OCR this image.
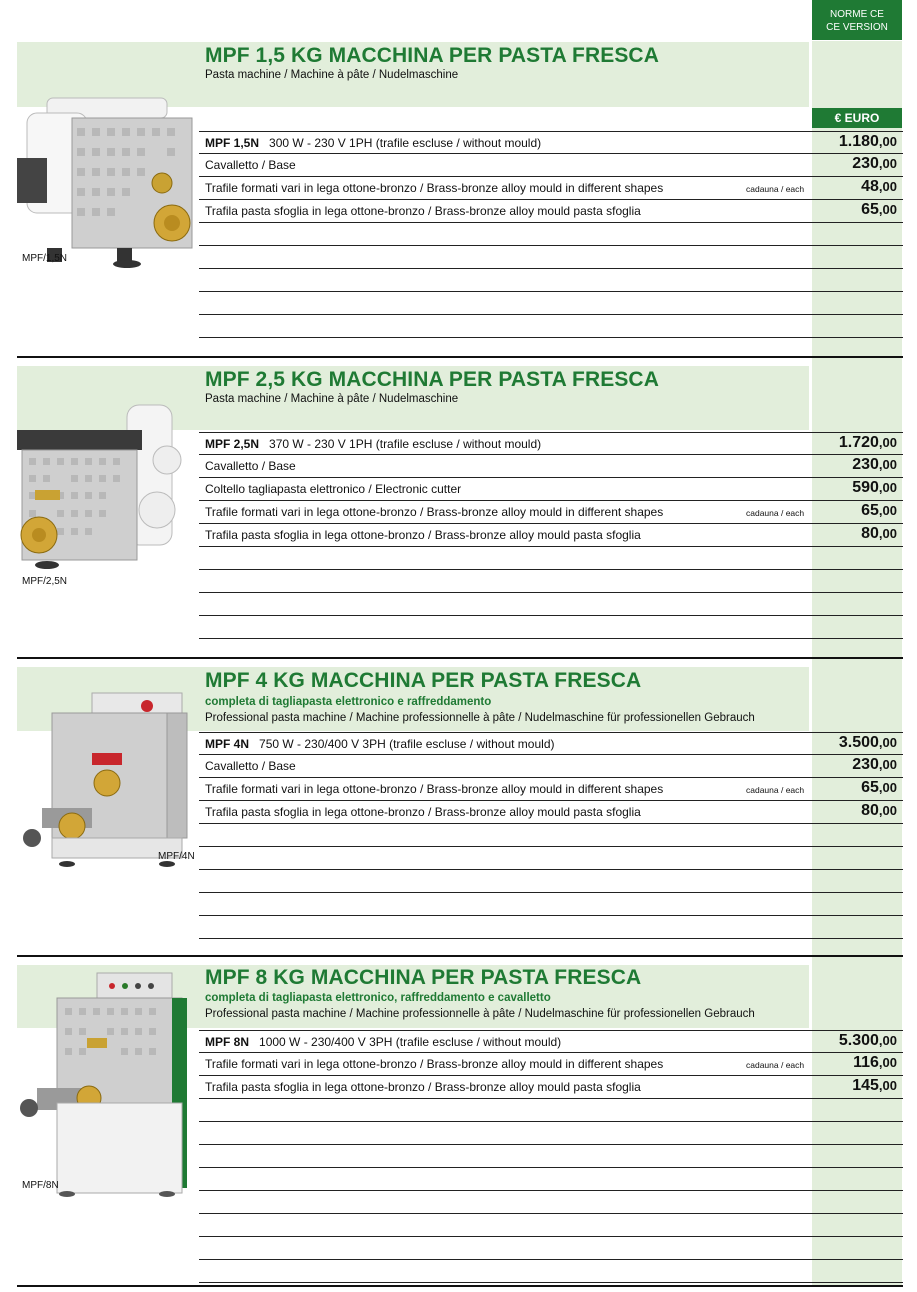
NORME CE
CE VERSION
MPF 1,5 KG MACCHINA PER PASTA FRESCA
Pasta machine / Machine à pâte / Nudelmaschine
€ EURO
MPF/1,5N
MPF 1,5N 300 W - 230 V 1PH (trafile escluse / without mould)	1.180,00
Cavalletto / Base	230,00
Trafile formati vari in lega ottone-bronzo / Brass-bronze alloy mould in different shapes	cadauna / each	48,00
Trafila pasta sfoglia in lega ottone-bronzo / Brass-bronze alloy mould pasta sfoglia	65,00
MPF 2,5 KG MACCHINA PER PASTA FRESCA
Pasta machine / Machine à pâte / Nudelmaschine
MPF/2,5N
MPF 2,5N 370 W - 230 V 1PH (trafile escluse / without mould)	1.720,00
Cavalletto / Base	230,00
Coltello tagliapasta elettronico / Electronic cutter	590,00
Trafile formati vari in lega ottone-bronzo / Brass-bronze alloy mould in different shapes	cadauna / each	65,00
Trafila pasta sfoglia in lega ottone-bronzo / Brass-bronze alloy mould pasta sfoglia	80,00
MPF 4 KG MACCHINA PER PASTA FRESCA
completa di tagliapasta elettronico e raffreddamento
Professional pasta machine / Machine professionnelle à pâte / Nudelmaschine für professionellen Gebrauch
MPF/4N
MPF 4N 750 W - 230/400 V 3PH (trafile escluse / without mould)	3.500,00
Cavalletto / Base	230,00
Trafile formati vari in lega ottone-bronzo / Brass-bronze alloy mould in different shapes	cadauna / each	65,00
Trafila pasta sfoglia in lega ottone-bronzo / Brass-bronze alloy mould pasta sfoglia	80,00
MPF 8 KG MACCHINA PER PASTA FRESCA
completa di tagliapasta elettronico, raffreddamento e cavalletto
Professional pasta machine / Machine professionnelle à pâte / Nudelmaschine für professionellen Gebrauch
MPF/8N
MPF 8N 1000 W - 230/400 V 3PH (trafile escluse / without mould)	5.300,00
Trafile formati vari in lega ottone-bronzo / Brass-bronze alloy mould in different shapes	cadauna / each	116,00
Trafila pasta sfoglia in lega ottone-bronzo / Brass-bronze alloy mould pasta sfoglia	145,00
